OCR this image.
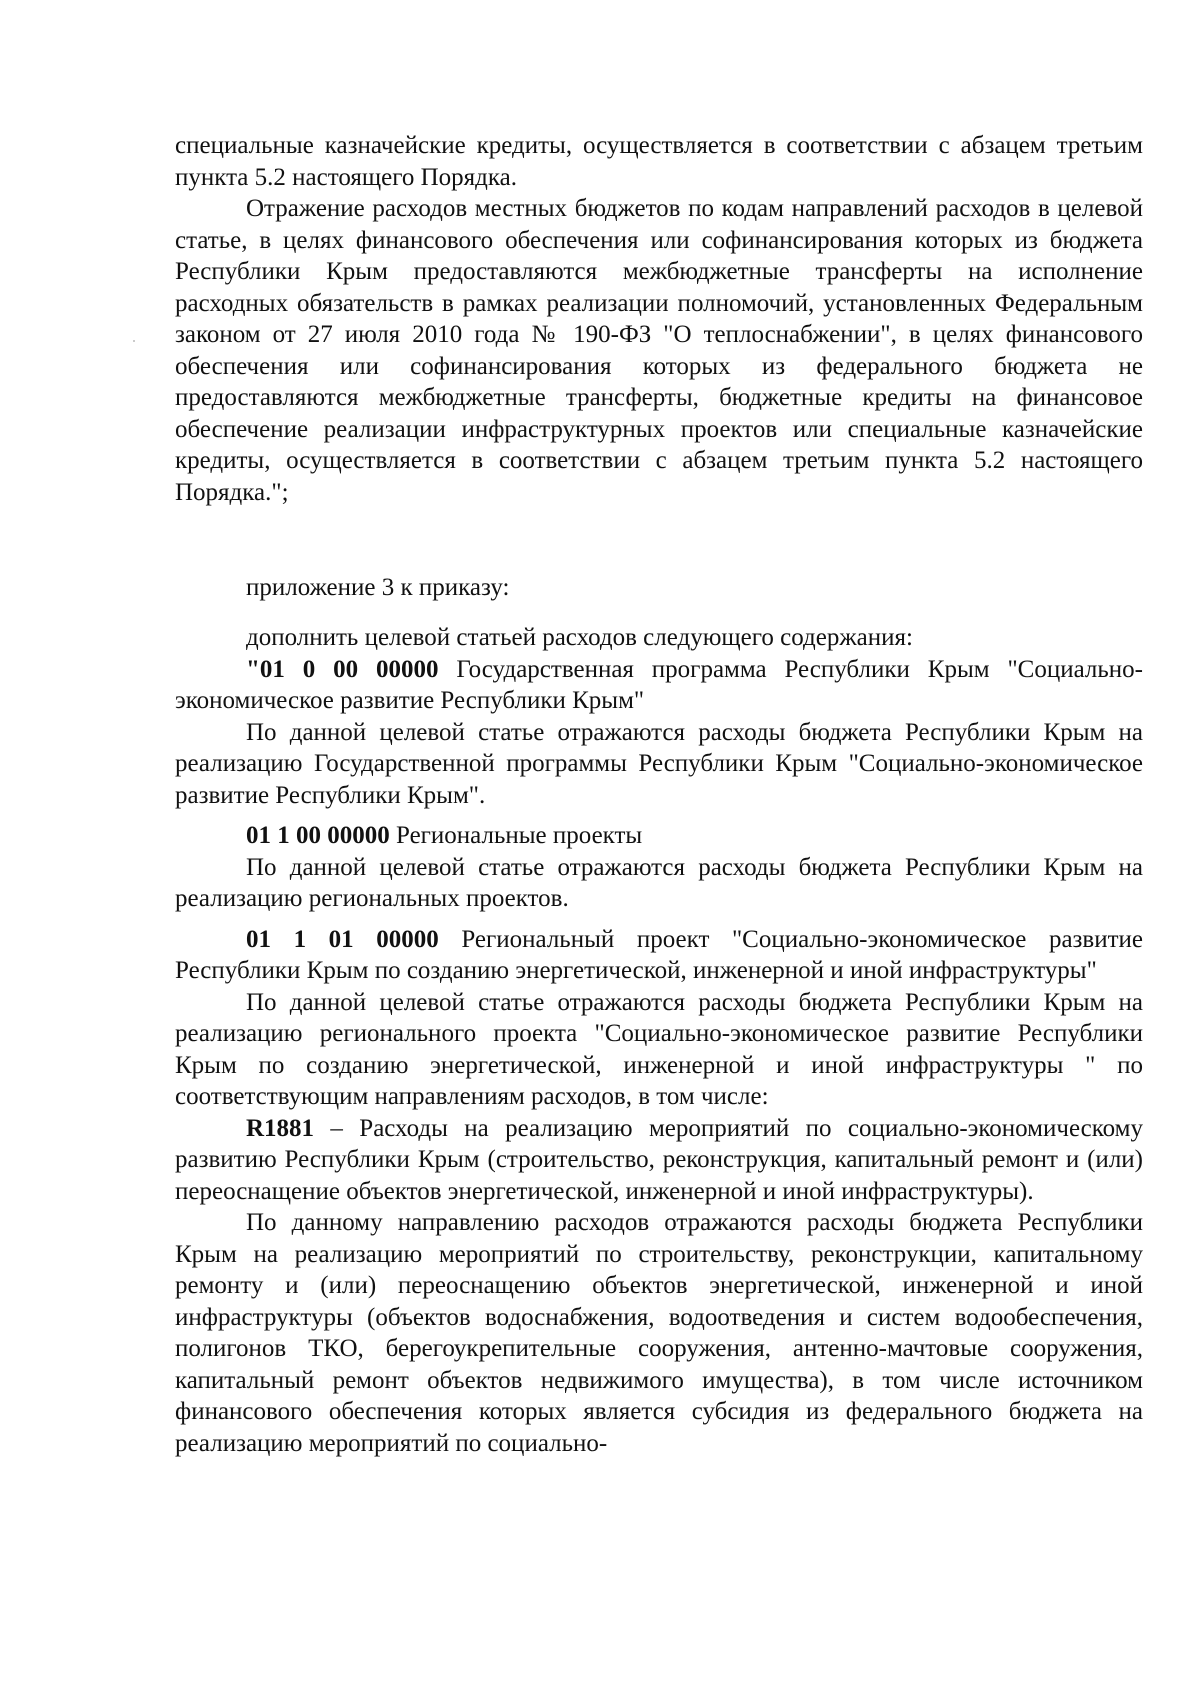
специальные казначейские кредиты, осуществляется в соответствии с абзацем третьим пункта 5.2 настоящего Порядка.

Отражение расходов местных бюджетов по кодам направлений расходов в целевой статье, в целях финансового обеспечения или софинансирования которых из бюджета Республики Крым предоставляются межбюджетные трансферты на исполнение расходных обязательств в рамках реализации полномочий, установленных Федеральным законом от 27 июля 2010 года № 190-ФЗ "О теплоснабжении", в целях финансового обеспечения или софинансирования которых из федерального бюджета не предоставляются межбюджетные трансферты, бюджетные кредиты на финансовое обеспечение реализации инфраструктурных проектов или специальные казначейские кредиты, осуществляется в соответствии с абзацем третьим пункта 5.2 настоящего Порядка.";

приложение 3 к приказу:

дополнить целевой статьей расходов следующего содержания:

"01 0 00 00000 Государственная программа Республики Крым "Социально-экономическое развитие Республики Крым"

По данной целевой статье отражаются расходы бюджета Республики Крым на реализацию Государственной программы Республики Крым "Социально-экономическое развитие Республики Крым".

01 1 00 00000 Региональные проекты

По данной целевой статье отражаются расходы бюджета Республики Крым на реализацию региональных проектов.

01 1 01 00000 Региональный проект "Социально-экономическое развитие Республики Крым по созданию энергетической, инженерной и иной инфраструктуры"

По данной целевой статье отражаются расходы бюджета Республики Крым на реализацию регионального проекта "Социально-экономическое развитие Республики Крым по созданию энергетической, инженерной и иной инфраструктуры " по соответствующим направлениям расходов, в том числе:

R1881 – Расходы на реализацию мероприятий по социально-экономическому развитию Республики Крым (строительство, реконструкция, капитальный ремонт и (или) переоснащение объектов энергетической, инженерной и иной инфраструктуры).

По данному направлению расходов отражаются расходы бюджета Республики Крым на реализацию мероприятий по строительству, реконструкции, капитальному ремонту и (или) переоснащению объектов энергетической, инженерной и иной инфраструктуры (объектов водоснабжения, водоотведения и систем водообеспечения, полигонов ТКО, берегоукрепительные сооружения, антенно-мачтовые сооружения, капитальный ремонт объектов недвижимого имущества), в том числе источником финансового обеспечения которых является субсидия из федерального бюджета на реализацию мероприятий по социально-
